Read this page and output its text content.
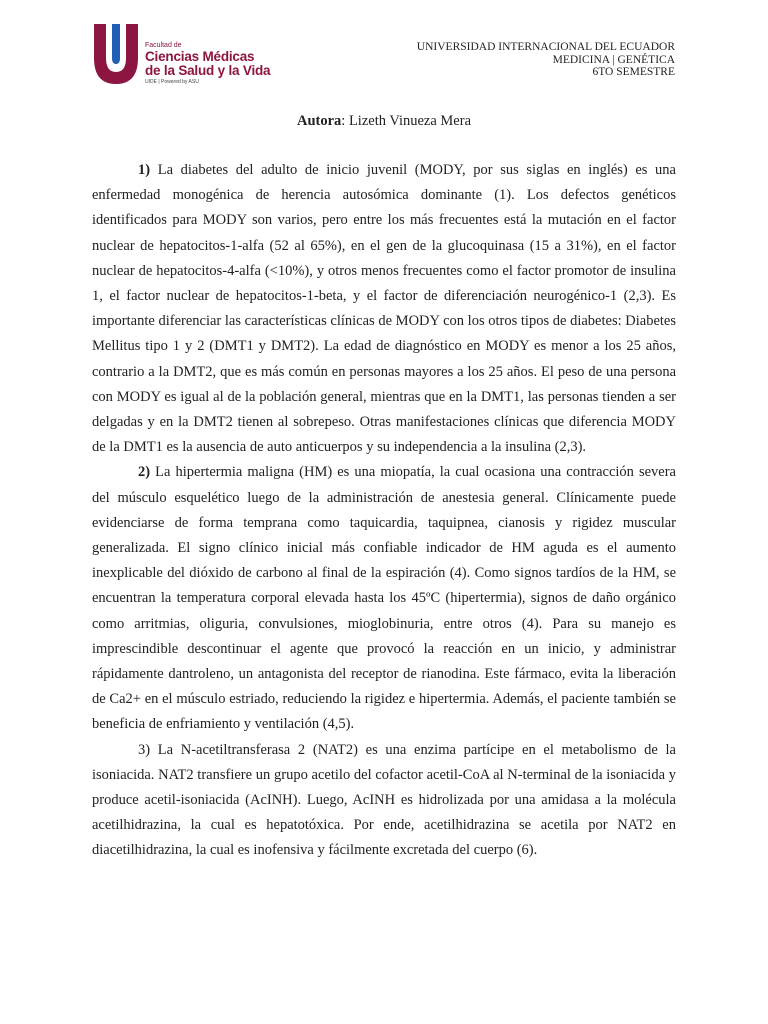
Facultad de
Ciencias Médicas
de la Salud y la Vida
UIDE | Powered by ASU
UNIVERSIDAD INTERNACIONAL DEL ECUADOR
MEDICINA | GENÉTICA
6TO SEMESTRE
Autora: Lizeth Vinueza Mera

1) La diabetes del adulto de inicio juvenil (MODY, por sus siglas en inglés) es una enfermedad monogénica de herencia autosómica dominante (1). Los defectos genéticos identificados para MODY son varios, pero entre los más frecuentes está la mutación en el factor nuclear de hepatocitos-1-alfa (52 al 65%), en el gen de la glucoquinasa (15 a 31%), en el factor nuclear de hepatocitos-4-alfa (<10%), y otros menos frecuentes como el factor promotor de insulina 1, el factor nuclear de hepatocitos-1-beta, y el factor de diferenciación neurogénico-1 (2,3). Es importante diferenciar las características clínicas de MODY con los otros tipos de diabetes: Diabetes Mellitus tipo 1 y 2 (DMT1 y DMT2). La edad de diagnóstico en MODY es menor a los 25 años, contrario a la DMT2, que es más común en personas mayores a los 25 años. El peso de una persona con MODY es igual al de la población general, mientras que en la DMT1, las personas tienden a ser delgadas y en la DMT2 tienen al sobrepeso. Otras manifestaciones clínicas que diferencia MODY de la DMT1 es la ausencia de auto anticuerpos y su independencia a la insulina (2,3).

2) La hipertermia maligna (HM) es una miopatía, la cual ocasiona una contracción severa del músculo esquelético luego de la administración de anestesia general. Clínicamente puede evidenciarse de forma temprana como taquicardia, taquipnea, cianosis y rigidez muscular generalizada. El signo clínico inicial más confiable indicador de HM aguda es el aumento inexplicable del dióxido de carbono al final de la espiración (4). Como signos tardíos de la HM, se encuentran la temperatura corporal elevada hasta los 45ºC (hipertermia), signos de daño orgánico como arritmias, oliguria, convulsiones, mioglobinuria, entre otros (4). Para su manejo es imprescindible descontinuar el agente que provocó la reacción en un inicio, y administrar rápidamente dantroleno, un antagonista del receptor de rianodina. Este fármaco, evita la liberación de Ca2+ en el músculo estriado, reduciendo la rigidez e hipertermia. Además, el paciente también se beneficia de enfriamiento y ventilación (4,5).

3) La N-acetiltransferasa 2 (NAT2) es una enzima partícipe en el metabolismo de la isoniacida. NAT2 transfiere un grupo acetilo del cofactor acetil-CoA al N-terminal de la isoniacida y produce acetil-isoniacida (AcINH). Luego, AcINH es hidrolizada por una amidasa a la molécula acetilhidrazina, la cual es hepatotóxica. Por ende, acetilhidrazina se acetila por NAT2 en diacetilhidrazina, la cual es inofensiva y fácilmente excretada del cuerpo (6).
